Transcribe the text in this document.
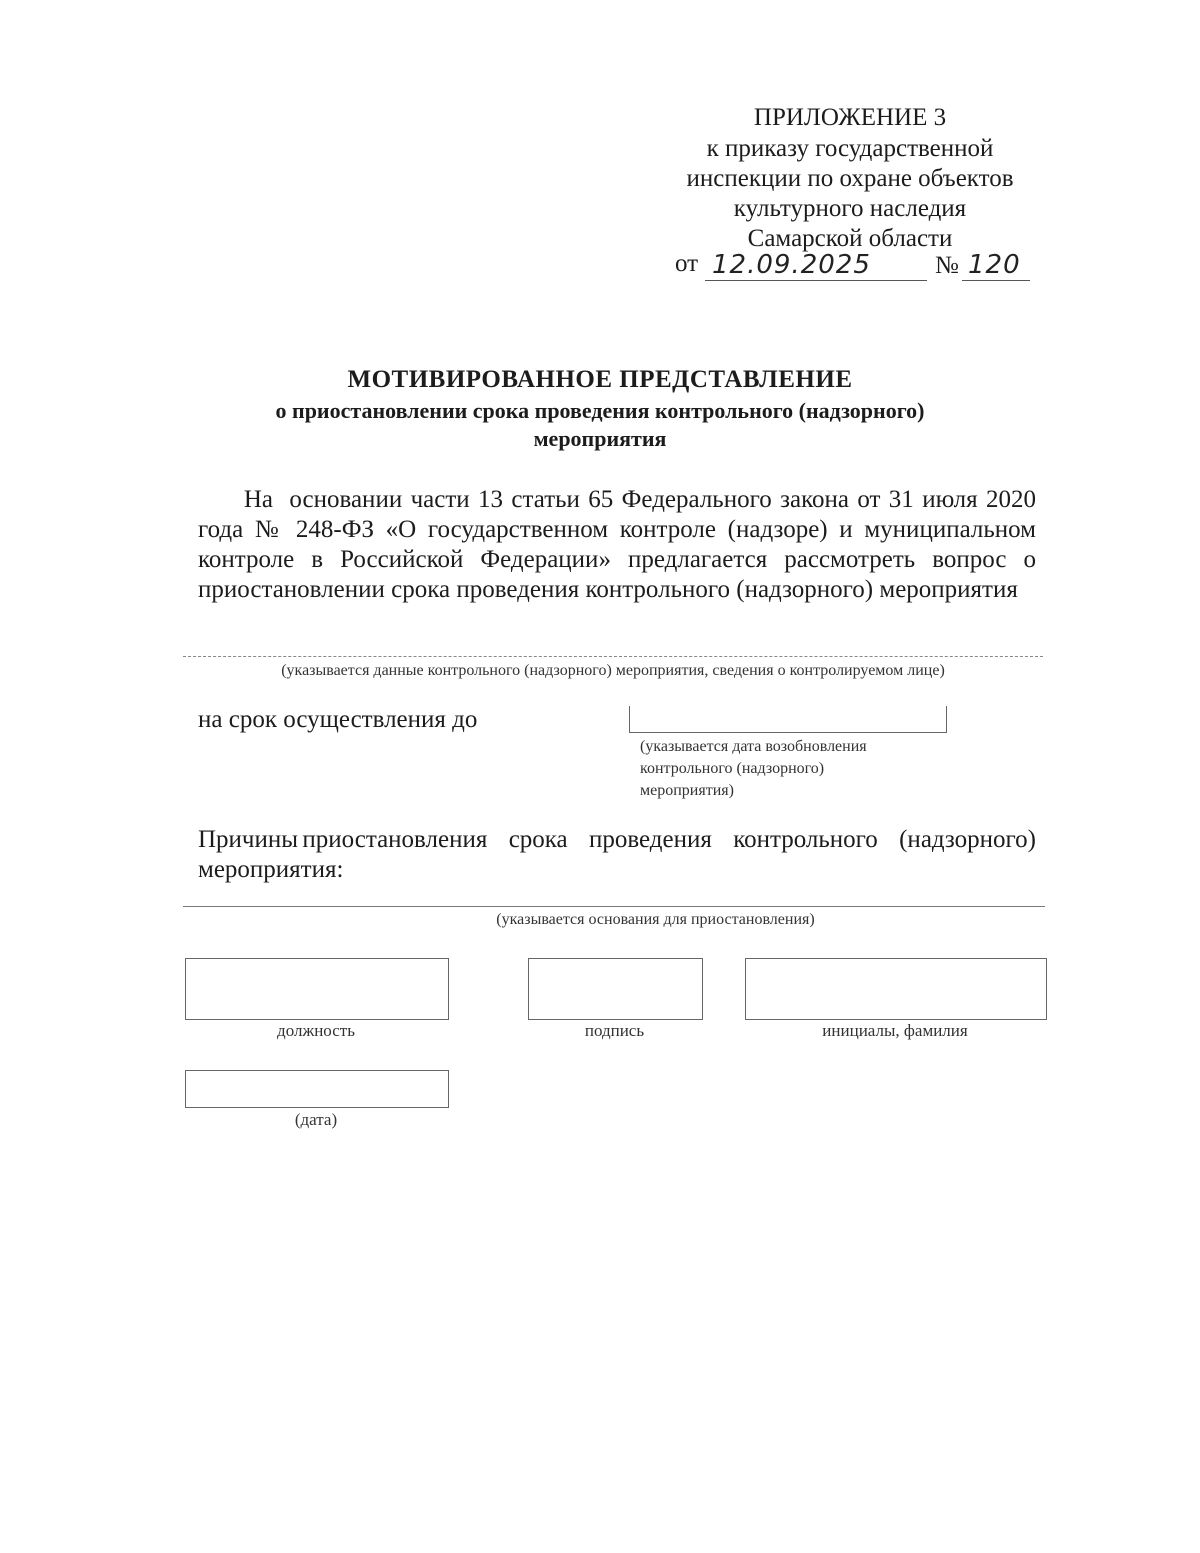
ПРИЛОЖЕНИЕ 3
к приказу государственной
инспекции по охране объектов
культурного наследия
Самарской области
от 12.09.2025	№ 120
МОТИВИРОВАННОЕ ПРЕДСТАВЛЕНИЕ
о приостановлении срока проведения контрольного (надзорного)
мероприятия
На основании части 13 статьи 65 Федерального закона от 31 июля 2020 года № 248-ФЗ «О государственном контроле (надзоре) и муниципальном контроле в Российской Федерации» предлагается рассмотреть вопрос о приостановлении срока проведения контрольного (надзорного) мероприятия
(указывается данные контрольного (надзорного) мероприятия, сведения о контролируемом лице)
на срок осуществления до
(указывается дата возобновления
контрольного (надзорного)
мероприятия)
Причины приостановления срока проведения контрольного (надзорного) мероприятия:
(указывается основания для приостановления)
должность	подпись	инициалы, фамилия
(дата)
